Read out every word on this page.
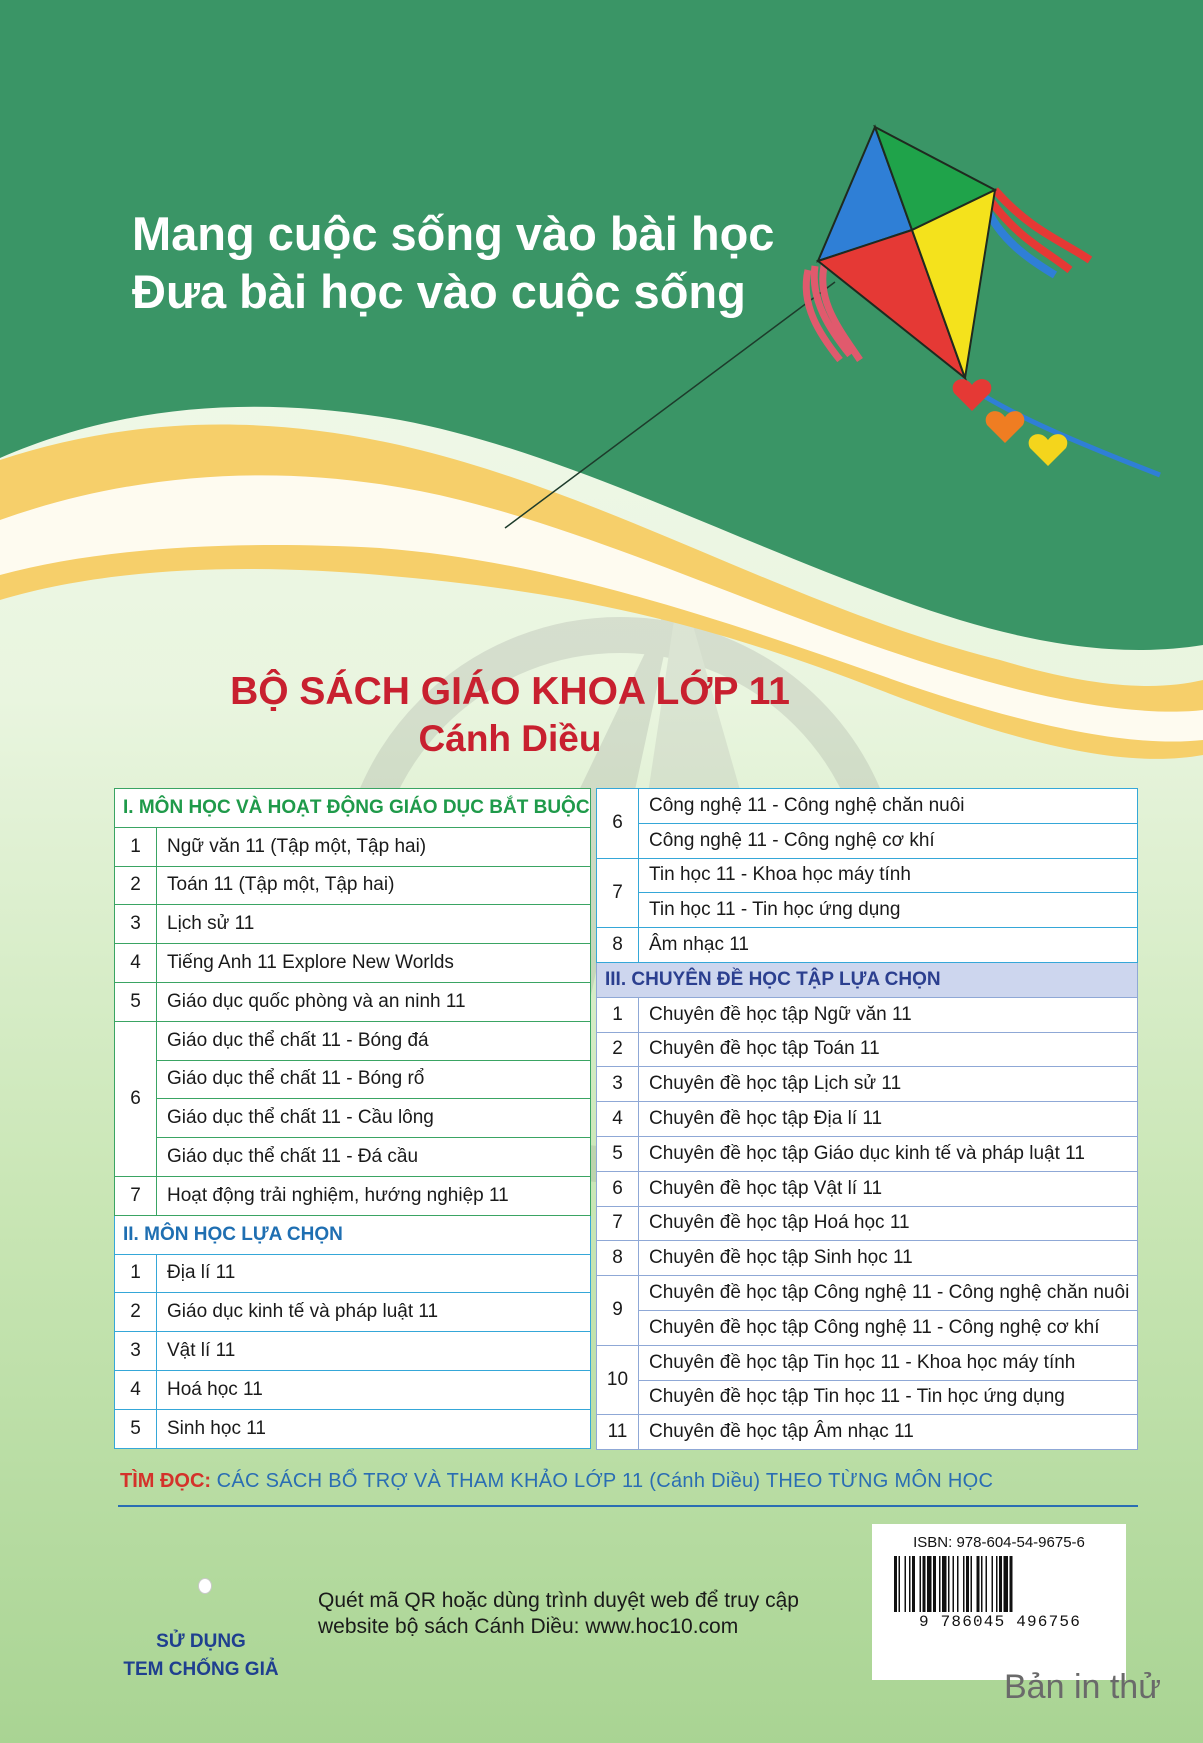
Mang cuộc sống vào bài học
Đưa bài học vào cuộc sống
BỘ SÁCH GIÁO KHOA LỚP 11
Cánh Diều
I. MÔN HỌC VÀ HOẠT ĐỘNG GIÁO DỤC BẮT BUỘC	
1	Ngữ văn 11 (Tập một, Tập hai)
2	Toán 11 (Tập một, Tập hai)
3	Lịch sử 11
4	Tiếng Anh 11 Explore New Worlds
5	Giáo dục quốc phòng và an ninh 11
6	Giáo dục thể chất 11 - Bóng đá
	Giáo dục thể chất 11 - Bóng rổ
	Giáo dục thể chất 11 - Cầu lông
	Giáo dục thể chất 11 - Đá cầu
7	Hoạt động trải nghiệm, hướng nghiệp 11
II. MÔN HỌC LỰA CHỌN	
1	Địa lí 11
2	Giáo dục kinh tế và pháp luật 11
3	Vật lí 11
4	Hoá học 11
5	Sinh học 11
6	Công nghệ 11 - Công nghệ chăn nuôi
	Công nghệ 11 - Công nghệ cơ khí
7	Tin học 11 - Khoa học máy tính
	Tin học 11 - Tin học ứng dụng
8	Âm nhạc 11
III. CHUYÊN ĐỀ HỌC TẬP LỰA CHỌN	
1	Chuyên đề học tập Ngữ văn 11
2	Chuyên đề học tập Toán 11
3	Chuyên đề học tập Lịch sử 11
4	Chuyên đề học tập Địa lí 11
5	Chuyên đề học tập Giáo dục kinh tế và pháp luật 11
6	Chuyên đề học tập Vật lí 11
7	Chuyên đề học tập Hoá học 11
8	Chuyên đề học tập Sinh học 11
9	Chuyên đề học tập Công nghệ 11 - Công nghệ chăn nuôi
	Chuyên đề học tập Công nghệ 11 - Công nghệ cơ khí
10	Chuyên đề học tập Tin học 11 - Khoa học máy tính
	Chuyên đề học tập Tin học 11 - Tin học ứng dụng
11	Chuyên đề học tập Âm nhạc 11
TÌM ĐỌC: CÁC SÁCH BỔ TRỢ VÀ THAM KHẢO LỚP 11 (Cánh Diều) THEO TỪNG MÔN HỌC
SỬ DỤNG
TEM CHỐNG GIẢ
Quét mã QR hoặc dùng trình duyệt web để truy cập
website bộ sách Cánh Diều: www.hoc10.com
ISBN: 978-604-54-9675-6
9 786045 496756
Bản in thử
